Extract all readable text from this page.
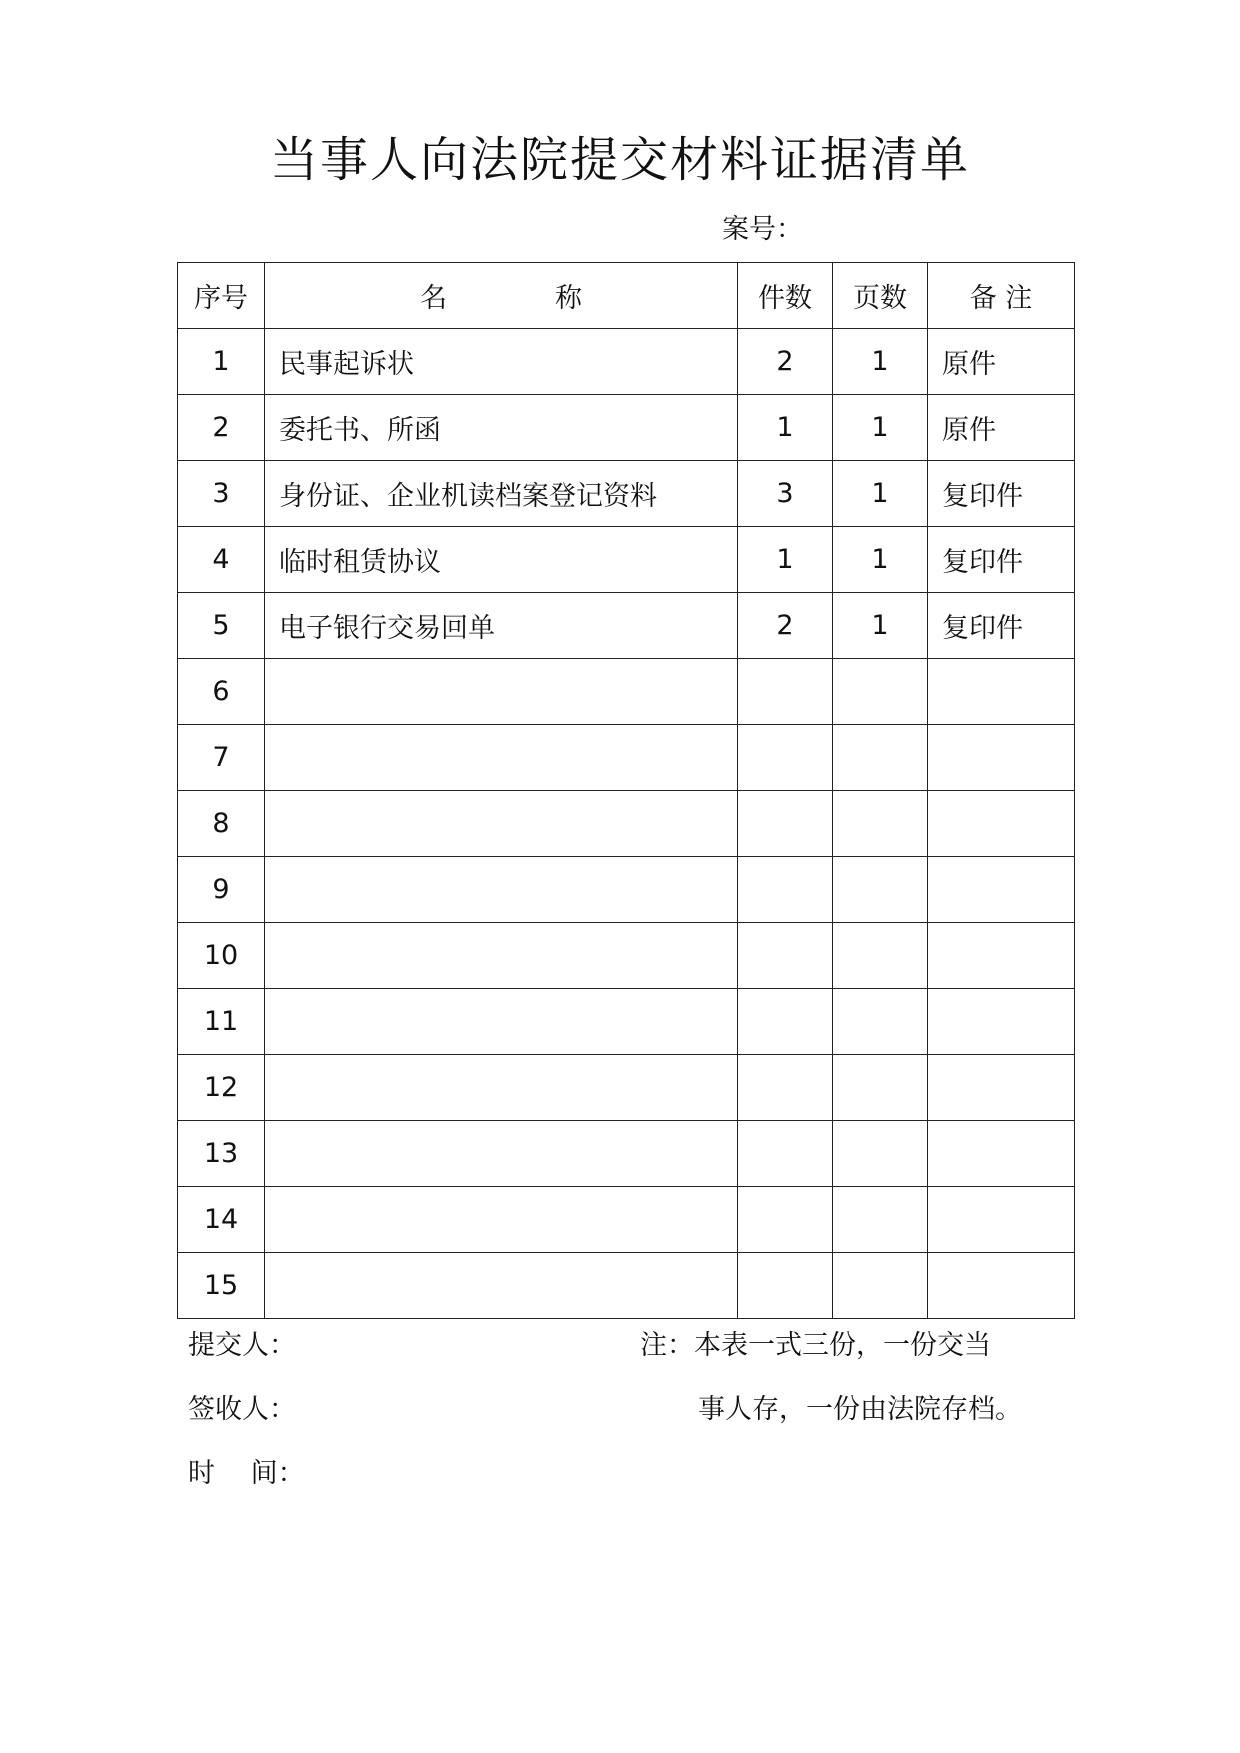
当事人向法院提交材料证据清单
案号：
序号	名　　　　称	件数	页数	备 注
1	民事起诉状	2	1	原件
2	委托书、所函	1	1	原件
3	身份证、企业机读档案登记资料	3	1	复印件
4	临时租赁协议	1	1	复印件
5	电子银行交易回单	2	1	复印件
6				
7				
8				
9				
10				
11				
12				
13				
14				
15				
提交人：
签收人：
时　 间：
注：本表一式三份，一份交当
事人存，一份由法院存档。
